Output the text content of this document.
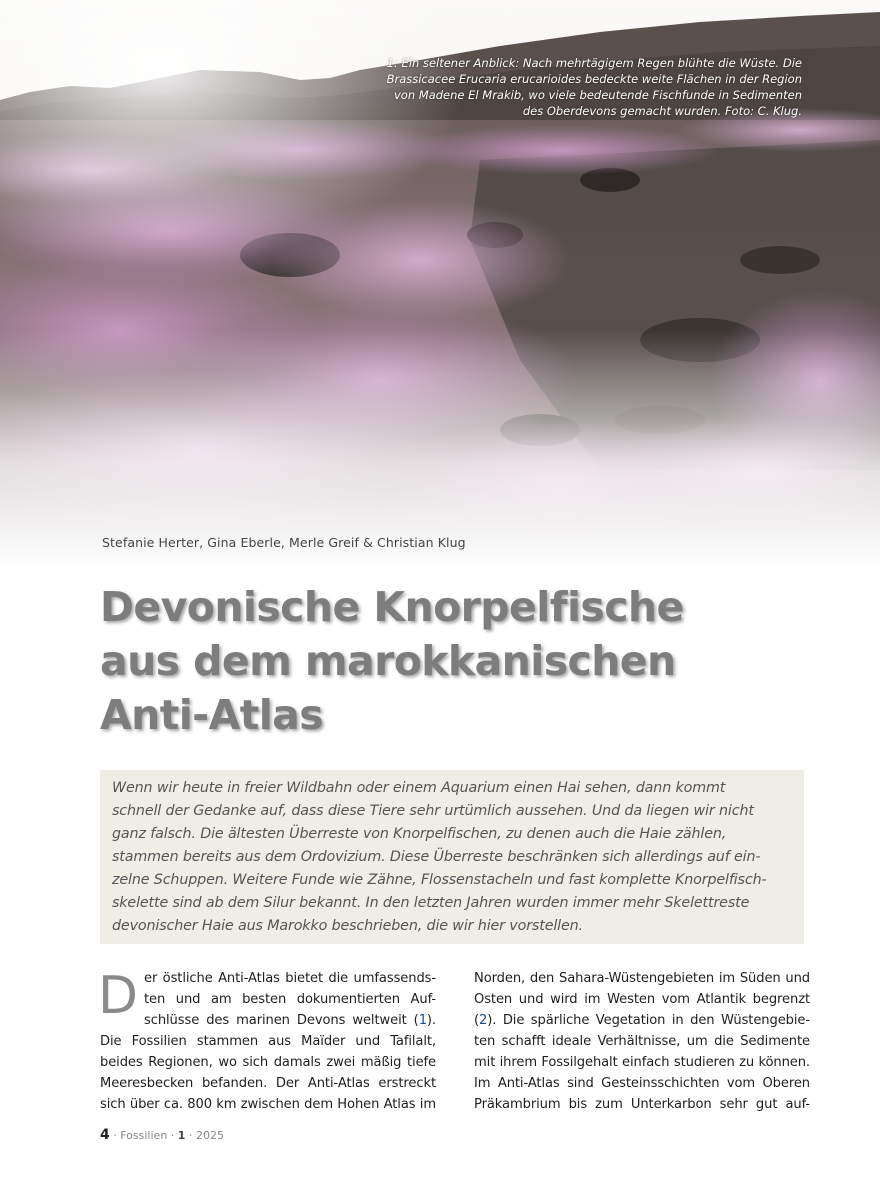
1: Ein seltener Anblick: Nach mehrtägigem Regen blühte die Wüste. Die Brassicacee Erucaria erucarioides bedeckte weite Flächen in der Region von Madene El Mrakib, wo viele bedeutende Fischfunde in Sedimenten des Oberdevons gemacht wurden. Foto: C. Klug.
Stefanie Herter, Gina Eberle, Merle Greif & Christian Klug
Devonische Knorpelfische
aus dem marokkanischen
Anti-Atlas

Wenn wir heute in freier Wildbahn oder einem Aquarium einen Hai sehen, dann kommt
schnell der Gedanke auf, dass diese Tiere sehr urtümlich aussehen. Und da liegen wir nicht
ganz falsch. Die ältesten Überreste von Knorpelfischen, zu denen auch die Haie zählen,
stammen bereits aus dem Ordovizium. Diese Überreste beschränken sich allerdings auf ein-
zelne Schuppen. Weitere Funde wie Zähne, Flossenstacheln und fast komplette Knorpelfisch-
skelette sind ab dem Silur bekannt. In den letzten Jahren wurden immer mehr Skelettreste
devonischer Haie aus Marokko beschrieben, die wir hier vorstellen.

D er östliche Anti-Atlas bietet die umfassends-
ten und am besten dokumentierten Auf-
schlüsse des marinen Devons weltweit (1).
Die Fossilien stammen aus Maïder und Tafilalt,
beides Regionen, wo sich damals zwei mäßig tiefe
Meeresbecken befanden. Der Anti-Atlas erstreckt
sich über ca. 800 km zwischen dem Hohen Atlas im
Norden, den Sahara-Wüstengebieten im Süden und
Osten und wird im Westen vom Atlantik begrenzt
(2). Die spärliche Vegetation in den Wüstengebie-
ten schafft ideale Verhältnisse, um die Sedimente
mit ihrem Fossilgehalt einfach studieren zu können.
Im Anti-Atlas sind Gesteinsschichten vom Oberen
Präkambrium bis zum Unterkarbon sehr gut auf-
4 · Fossilien · 1 · 2025
